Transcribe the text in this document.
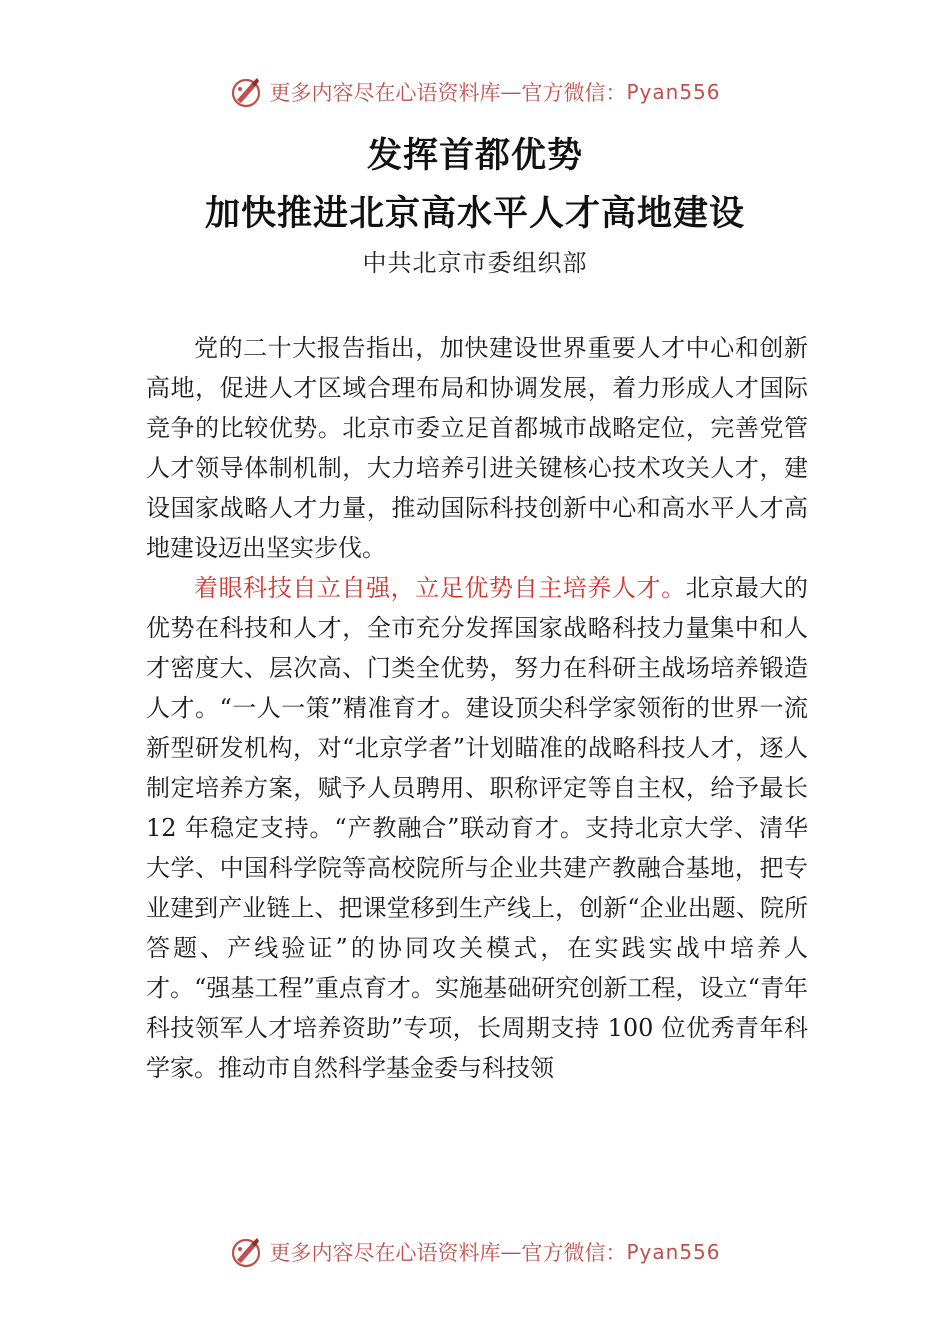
更多内容尽在心语资料库 — 官方微信： Pyan556
发挥首都优势
加快推进北京高水平人才高地建设
中共北京市委组织部

党的二十大报告指出，加快建设世界重要人才中心和创新高地，促进人才区域合理布局和协调发展，着力形成人才国际竞争的比较优势。北京市委立足首都城市战略定位，完善党管人才领导体制机制，大力培养引进关键核心技术攻关人才，建设国家战略人才力量，推动国际科技创新中心和高水平人才高地建设迈出坚实步伐。

着眼科技自立自强，立足优势自主培养人才。北京最大的优势在科技和人才，全市充分发挥国家战略科技力量集中和人才密度大、层次高、门类全优势，努力在科研主战场培养锻造人才。“一人一策”精准育才。建设顶尖科学家领衔的世界一流新型研发机构，对“北京学者”计划瞄准的战略科技人才，逐人制定培养方案，赋予人员聘用、职称评定等自主权，给予最长 12 年稳定支持。“产教融合”联动育才。支持北京大学、清华大学、中国科学院等高校院所与企业共建产教融合基地，把专业建到产业链上、把课堂移到生产线上，创新“企业出题、院所答题、产线验证”的协同攻关模式，在实践实战中培养人才。“强基工程”重点育才。实施基础研究创新工程，设立“青年科技领军人才培养资助”专项，长周期支持 100 位优秀青年科学家。推动市自然科学基金委与科技领

更多内容尽在心语资料库 — 官方微信： Pyan556
